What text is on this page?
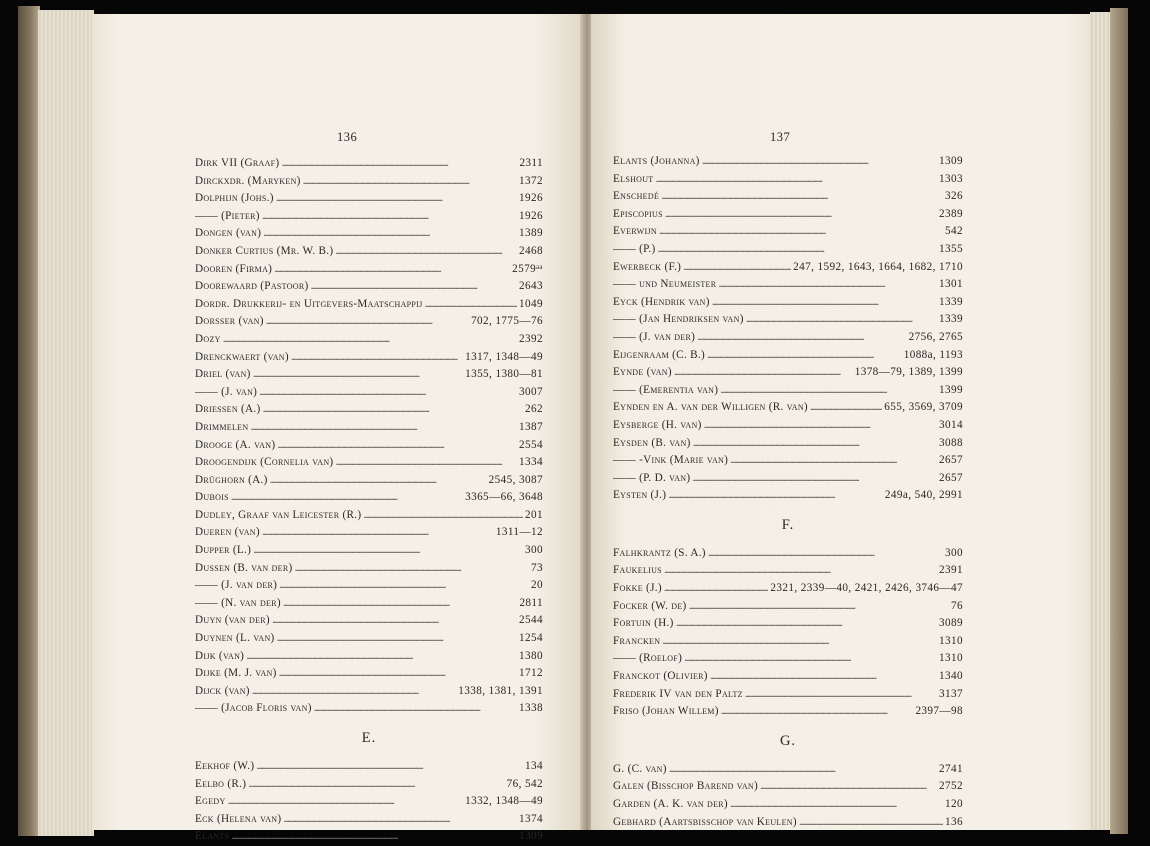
136
Dirk VII (Graaf) . . .	2311
Dirckxdr. (Maryken) . . .	1372
Dolphijn (Johs.) . . .	1926
—— (Pieter) . . .	1926
Dongen (van) . . .	1389
Donker Curtius (Mr. W. B.) . . .	2468
Dooren (Firma) . . .	2579ᵃᵃ
Doorewaard (Pastoor) . . .	2643
Dordr. Drukkerij- en Uitgevers-Maatschappij . . .	1049
Dorsser (van) . . .	702, 1775—76
Dozy . . .	2392
Drenckwaert (van) . . .	1317, 1348—49
Driel (van) . . .	1355, 1380—81
—— (J. van) . . .	3007
Driessen (A.) . . .	262
Drimmelen . . .	1387
Drooge (A. van) . . .	2554
Droogendijk (Cornelia van) . . .	1334
Drüghorn (A.) . . .	2545, 3087
Dubois . . .	3365—66, 3648
Dudley, Graaf van Leicester (R.) . . .	201
Dueren (van) . . .	1311—12
Dupper (L.) . . .	300
Dussen (B. van der) . . .	73
—— (J. van der) . . .	20
—— (N. van der) . . .	2811
Duyn (van der) . . .	2544
Duynen (L. van) . . .	1254
Dijk (van) . . .	1380
Dijke (M. J. van) . . .	1712
Dijck (van) . . .	1338, 1381, 1391
—— (Jacob Floris van) . . .	1338
E.
Eekhof (W.) . . .	134
Eelbo (R.) . . .	76, 542
Egedy . . .	1332, 1348—49
Eck (Helena van) . . .	1374
Elants . . .	1309
137
Elants (Johanna) . . .	1309
Elshout . . .	1303
Enschedé . . .	326
Episcopius . . .	2389
Everwijn . . .	542
—— (P.) . . .	1355
Ewerbeck (F.) . . .	247, 1592, 1643, 1664, 1682, 1710
—— und Neumeister . . .	1301
Eyck (Hendrik van) . . .	1339
—— (Jan Hendriksen van) . . .	1339
—— (J. van der) . . .	2756, 2765
Eijgenraam (C. B.) . . .	1088a, 1193
Eynde (van) . . .	1378—79, 1389, 1399
—— (Emerentia van) . . .	1399
Eynden en A. van der Willigen (R. van) . . .	655, 3569, 3709
Eysberge (H. van) . . .	3014
Eysden (B. van) . . .	3088
—— -Vink (Marie van) . . .	2657
—— (P. D. van) . . .	2657
Eysten (J.) . . .	249a, 540, 2991
F.
Falhkrantz (S. A.) . . .	300
Faukelius . . .	2391
Fokke (J.) . . .	2321, 2339—40, 2421, 2426, 3746—47
Focker (W. de) . . .	76
Fortuin (H.) . . .	3089
Francken . . .	1310
—— (Roelof) . . .	1310
Franckot (Olivier) . . .	1340
Frederik IV van den Paltz . . .	3137
Friso (Johan Willem) . . .	2397—98
G.
G. (C. van) . . .	2741
Galen (Bisschop Barend van) . . .	2752
Garden (A. K. van der) . . .	120
Gebhard (Aartsbisschop van Keulen) . . .	136
